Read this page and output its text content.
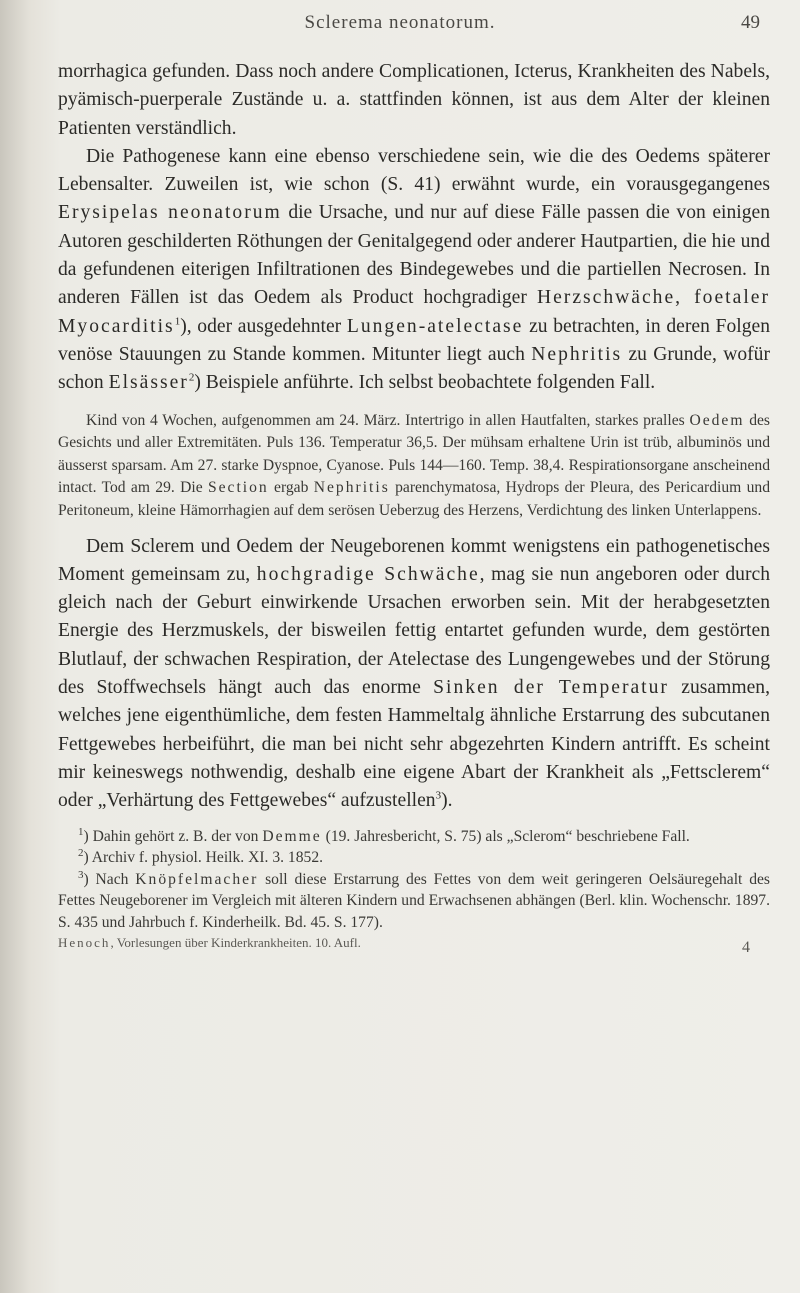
Sclerema neonatorum.	49

morrhagica gefunden. Dass noch andere Complicationen, Icterus, Krankheiten des Nabels, pyämisch-puerperale Zustände u. a. stattfinden können, ist aus dem Alter der kleinen Patienten verständlich.

Die Pathogenese kann eine ebenso verschiedene sein, wie die des Oedems späterer Lebensalter. Zuweilen ist, wie schon (S. 41) erwähnt wurde, ein vorausgegangenes Erysipelas neonatorum die Ursache, und nur auf diese Fälle passen die von einigen Autoren geschilderten Röthungen der Genitalgegend oder anderer Hautpartien, die hie und da gefundenen eiterigen Infiltrationen des Bindegewebes und die partiellen Necrosen. In anderen Fällen ist das Oedem als Product hochgradiger Herzschwäche, foetaler Myocarditis$^1$), oder ausgedehnter Lungen-atelectase zu betrachten, in deren Folgen venöse Stauungen zu Stande kommen. Mitunter liegt auch Nephritis zu Grunde, wofür schon Elsässer$^2$) Beispiele anführte. Ich selbst beobachtete folgenden Fall.

Kind von 4 Wochen, aufgenommen am 24. März. Intertrigo in allen Hautfalten, starkes pralles Oedem des Gesichts und aller Extremitäten. Puls 136. Temperatur 36,5. Der mühsam erhaltene Urin ist trüb, albuminös und äusserst sparsam. Am 27. starke Dyspnoe, Cyanose. Puls 144—160. Temp. 38,4. Respirationsorgane anscheinend intact. Tod am 29. Die Section ergab Nephritis parenchymatosa, Hydrops der Pleura, des Pericardium und Peritoneum, kleine Hämorrhagien auf dem serösen Ueberzug des Herzens, Verdichtung des linken Unterlappens.

Dem Sclerem und Oedem der Neugeborenen kommt wenigstens ein pathogenetisches Moment gemeinsam zu, hochgradige Schwäche, mag sie nun angeboren oder durch gleich nach der Geburt einwirkende Ursachen erworben sein. Mit der herabgesetzten Energie des Herzmuskels, der bisweilen fettig entartet gefunden wurde, dem gestörten Blutlauf, der schwachen Respiration, der Atelectase des Lungengewebes und der Störung des Stoffwechsels hängt auch das enorme Sinken der Temperatur zusammen, welches jene eigenthümliche, dem festen Hammeltalg ähnliche Erstarrung des subcutanen Fettgewebes herbeiführt, die man bei nicht sehr abgezehrten Kindern antrifft. Es scheint mir keineswegs nothwendig, deshalb eine eigene Abart der Krankheit als „Fettsclerem“ oder „Verhärtung des Fettgewebes“ aufzustellen$^3$).

$^1$) Dahin gehört z. B. der von Demme (19. Jahresbericht, S. 75) als „Sclerom“ beschriebene Fall.

$^2$) Archiv f. physiol. Heilk. XI. 3. 1852.

$^3$) Nach Knöpfelmacher soll diese Erstarrung des Fettes von dem weit geringeren Oelsäuregehalt des Fettes Neugeborener im Vergleich mit älteren Kindern und Erwachsenen abhängen (Berl. klin. Wochenschr. 1897. S. 435 und Jahrbuch f. Kinderheilk. Bd. 45. S. 177).

Henoch, Vorlesungen über Kinderkrankheiten. 10. Aufl.	4
